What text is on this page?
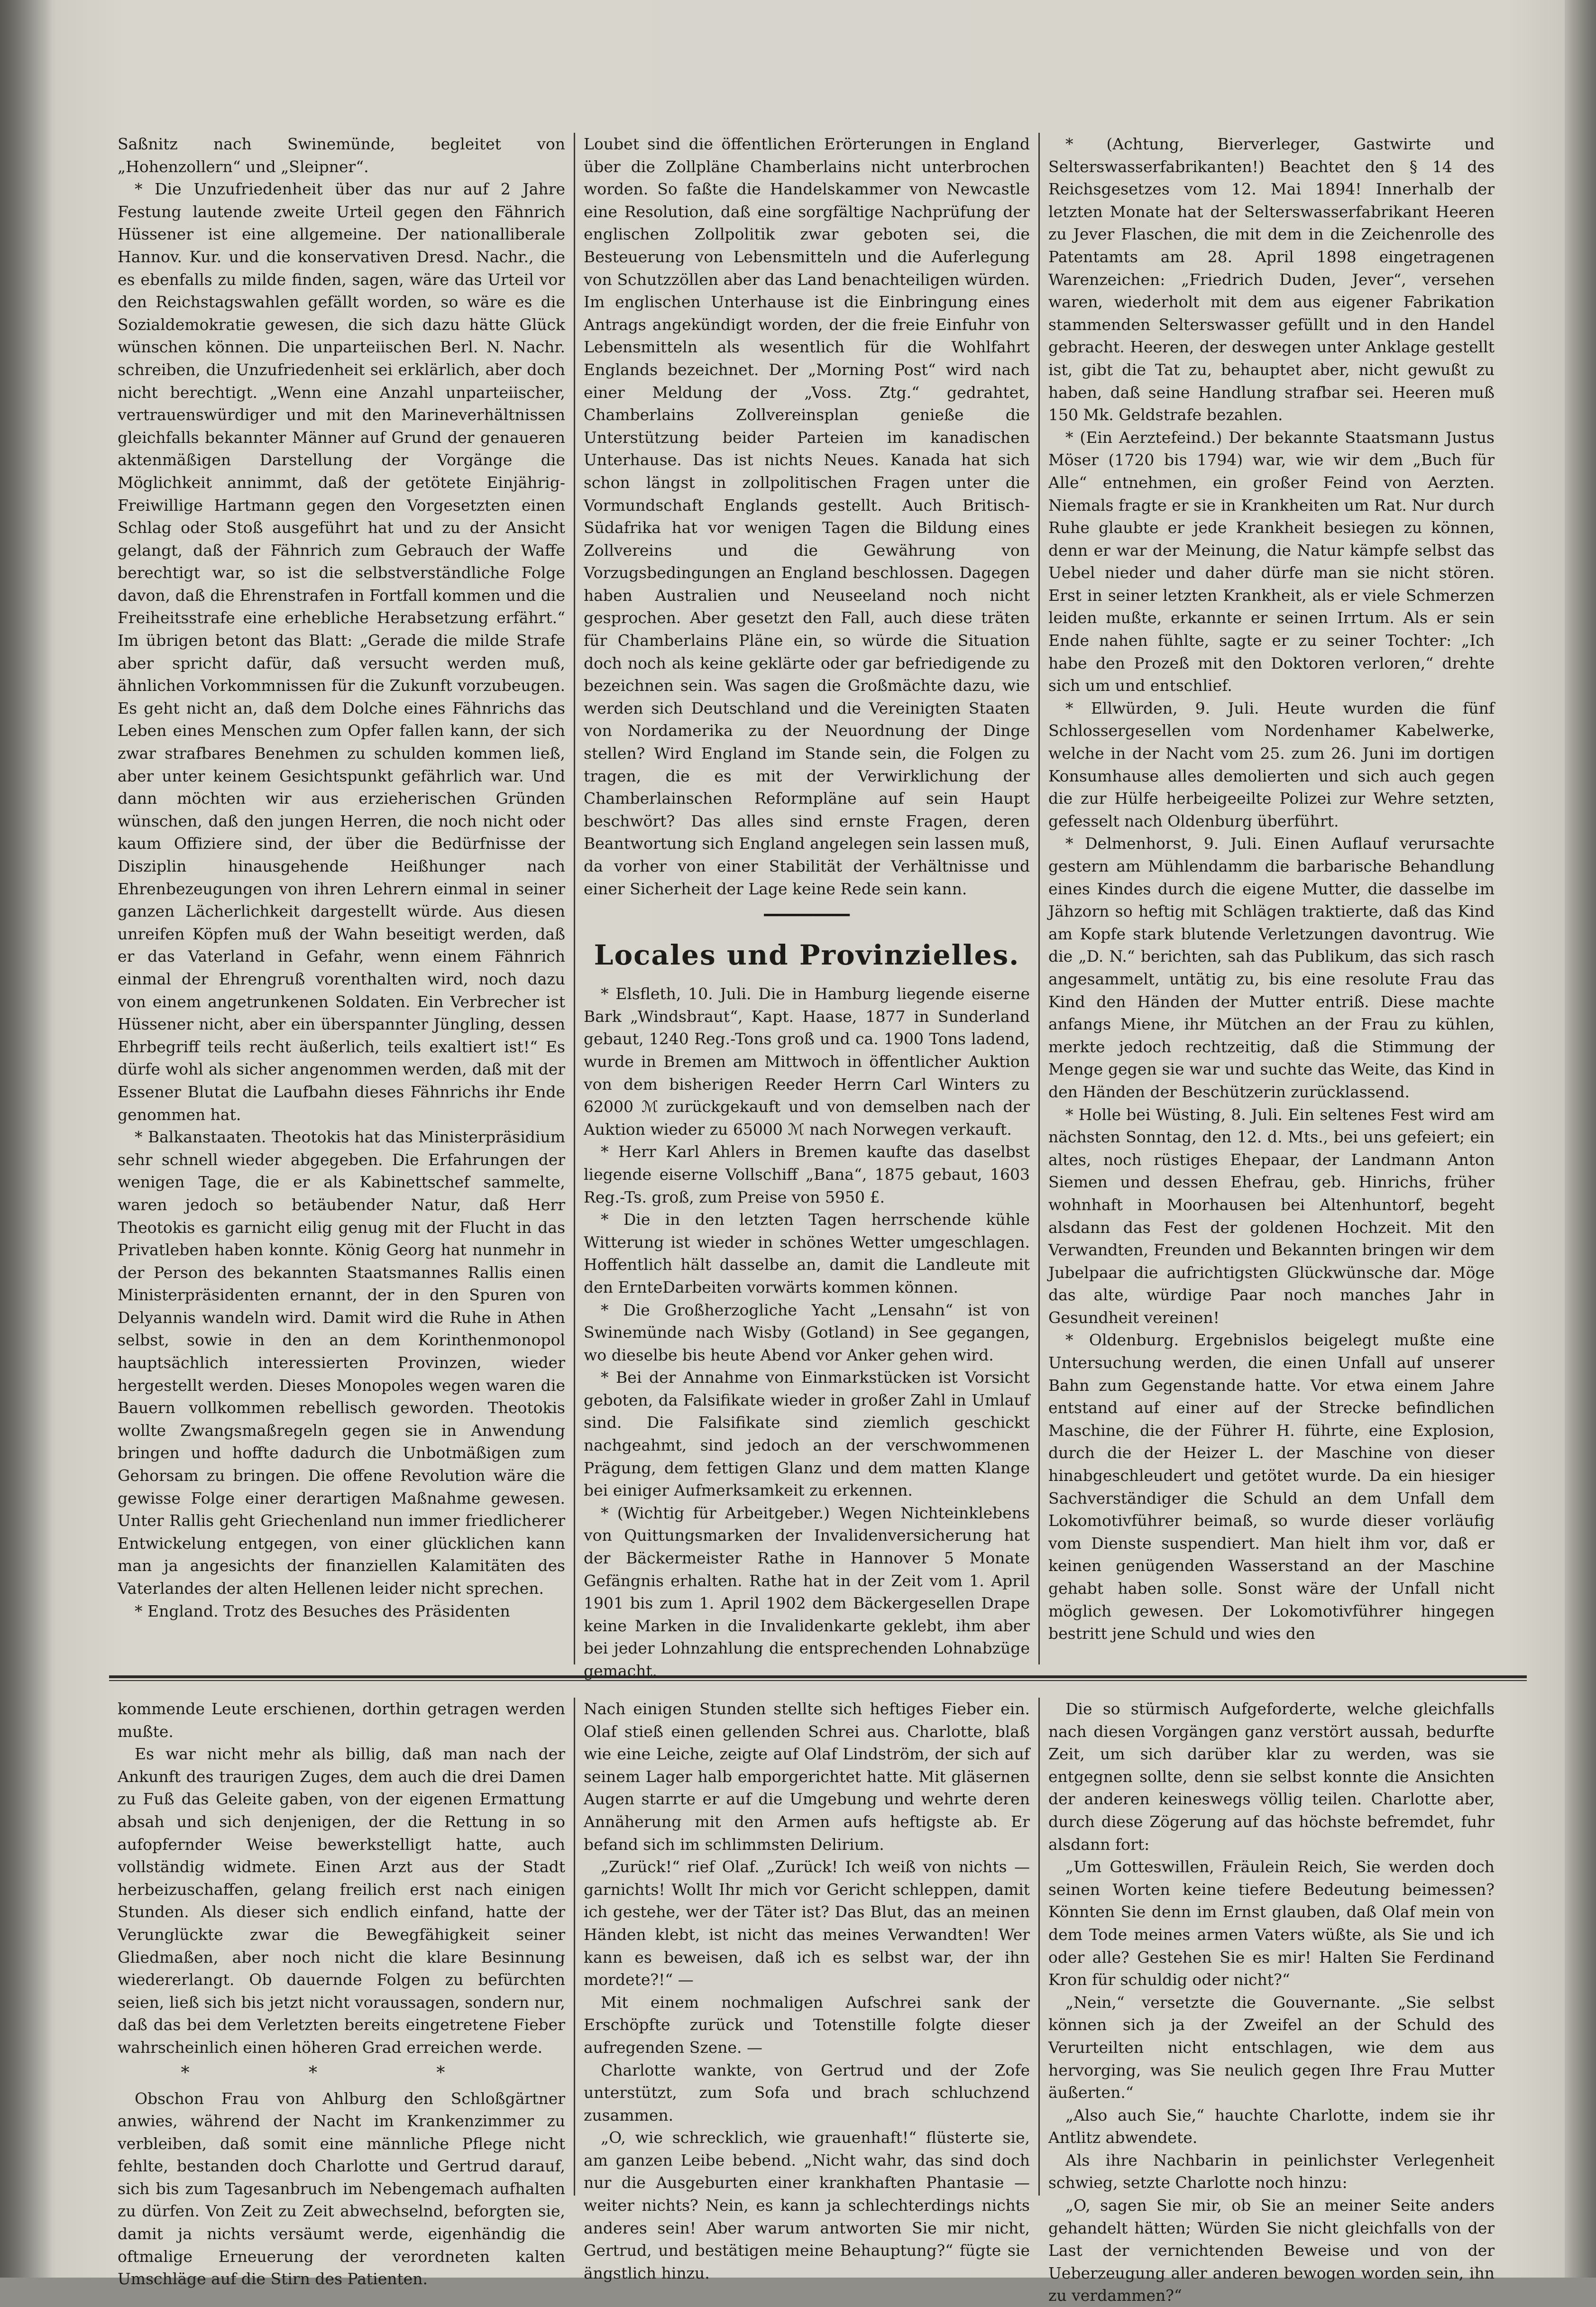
Saßnitz nach Swinemünde, begleitet von „Hohenzollern“ und „Sleipner“.

* Die Unzufriedenheit über das nur auf 2 Jahre Festung lautende zweite Urteil gegen den Fähnrich Hüssener ist eine allgemeine. Der nationalliberale Hannov. Kur. und die konservativen Dresd. Nachr., die es ebenfalls zu milde finden, sagen, wäre das Urteil vor den Reichstagswahlen gefällt worden, so wäre es die Sozialdemokratie gewesen, die sich dazu hätte Glück wünschen können. Die unparteiischen Berl. N. Nachr. schreiben, die Unzufriedenheit sei erklärlich, aber doch nicht berechtigt. „Wenn eine Anzahl unparteiischer, vertrauenswürdiger und mit den Marineverhältnissen gleichfalls bekannter Männer auf Grund der genaueren aktenmäßigen Darstellung der Vorgänge die Möglichkeit annimmt, daß der getötete Einjährig-Freiwillige Hartmann gegen den Vorgesetzten einen Schlag oder Stoß ausgeführt hat und zu der Ansicht gelangt, daß der Fähnrich zum Gebrauch der Waffe berechtigt war, so ist die selbstverständliche Folge davon, daß die Ehrenstrafen in Fortfall kommen und die Freiheitsstrafe eine erhebliche Herabsetzung erfährt.“ Im übrigen betont das Blatt: „Gerade die milde Strafe aber spricht dafür, daß versucht werden muß, ähnlichen Vorkommnissen für die Zukunft vorzubeugen. Es geht nicht an, daß dem Dolche eines Fähnrichs das Leben eines Menschen zum Opfer fallen kann, der sich zwar strafbares Benehmen zu schulden kommen ließ, aber unter keinem Gesichtspunkt gefährlich war. Und dann möchten wir aus erzieherischen Gründen wünschen, daß den jungen Herren, die noch nicht oder kaum Offiziere sind, der über die Bedürfnisse der Disziplin hinausgehende Heißhunger nach Ehrenbezeugungen von ihren Lehrern einmal in seiner ganzen Lächerlichkeit dargestellt würde. Aus diesen unreifen Köpfen muß der Wahn beseitigt werden, daß er das Vaterland in Gefahr, wenn einem Fähnrich einmal der Ehrengruß vorenthalten wird, noch dazu von einem angetrunkenen Soldaten. Ein Verbrecher ist Hüssener nicht, aber ein überspannter Jüngling, dessen Ehrbegriff teils recht äußerlich, teils exaltiert ist!“ Es dürfe wohl als sicher angenommen werden, daß mit der Essener Blutat die Laufbahn dieses Fähnrichs ihr Ende genommen hat.

* Balkanstaaten. Theotokis hat das Ministerpräsidium sehr schnell wieder abgegeben. Die Erfahrungen der wenigen Tage, die er als Kabinettschef sammelte, waren jedoch so betäubender Natur, daß Herr Theotokis es garnicht eilig genug mit der Flucht in das Privatleben haben konnte. König Georg hat nunmehr in der Person des bekannten Staatsmannes Rallis einen Ministerpräsidenten ernannt, der in den Spuren von Delyannis wandeln wird. Damit wird die Ruhe in Athen selbst, sowie in den an dem Korinthenmonopol hauptsächlich interessierten Provinzen, wieder hergestellt werden. Dieses Monopoles wegen waren die Bauern vollkommen rebellisch geworden. Theotokis wollte Zwangsmaßregeln gegen sie in Anwendung bringen und hoffte dadurch die Unbotmäßigen zum Gehorsam zu bringen. Die offene Revolution wäre die gewisse Folge einer derartigen Maßnahme gewesen. Unter Rallis geht Griechenland nun immer friedlicherer Entwickelung entgegen, von einer glücklichen kann man ja angesichts der finanziellen Kalamitäten des Vaterlandes der alten Hellenen leider nicht sprechen.

* England. Trotz des Besuches des Präsidenten

Loubet sind die öffentlichen Erörterungen in England über die Zollpläne Chamberlains nicht unterbrochen worden. So faßte die Handelskammer von Newcastle eine Resolution, daß eine sorgfältige Nachprüfung der englischen Zollpolitik zwar geboten sei, die Besteuerung von Lebensmitteln und die Auferlegung von Schutzzöllen aber das Land benachteiligen würden. Im englischen Unterhause ist die Einbringung eines Antrags angekündigt worden, der die freie Einfuhr von Lebensmitteln als wesentlich für die Wohlfahrt Englands bezeichnet. Der „Morning Post“ wird nach einer Meldung der „Voss. Ztg.“ gedrahtet, Chamberlains Zollvereinsplan genieße die Unterstützung beider Parteien im kanadischen Unterhause. Das ist nichts Neues. Kanada hat sich schon längst in zollpolitischen Fragen unter die Vormundschaft Englands gestellt. Auch Britisch-Südafrika hat vor wenigen Tagen die Bildung eines Zollvereins und die Gewährung von Vorzugsbedingungen an England beschlossen. Dagegen haben Australien und Neuseeland noch nicht gesprochen. Aber gesetzt den Fall, auch diese träten für Chamberlains Pläne ein, so würde die Situation doch noch als keine geklärte oder gar befriedigende zu bezeichnen sein. Was sagen die Großmächte dazu, wie werden sich Deutschland und die Vereinigten Staaten von Nordamerika zu der Neuordnung der Dinge stellen? Wird England im Stande sein, die Folgen zu tragen, die es mit der Verwirklichung der Chamberlainschen Reformpläne auf sein Haupt beschwört? Das alles sind ernste Fragen, deren Beantwortung sich England angelegen sein lassen muß, da vorher von einer Stabilität der Verhältnisse und einer Sicherheit der Lage keine Rede sein kann.

━━━━━━━━━━
Locales und Provinzielles.

* Elsfleth, 10. Juli. Die in Hamburg liegende eiserne Bark „Windsbraut“, Kapt. Haase, 1877 in Sunderland gebaut, 1240 Reg.-Tons groß und ca. 1900 Tons ladend, wurde in Bremen am Mittwoch in öffentlicher Auktion von dem bisherigen Reeder Herrn Carl Winters zu 62000 ℳ zurückgekauft und von demselben nach der Auktion wieder zu 65000 ℳ nach Norwegen verkauft.

* Herr Karl Ahlers in Bremen kaufte das daselbst liegende eiserne Vollschiff „Bana“, 1875 gebaut, 1603 Reg.-Ts. groß, zum Preise von 5950 £.

* Die in den letzten Tagen herrschende kühle Witterung ist wieder in schönes Wetter umgeschlagen. Hoffentlich hält dasselbe an, damit die Landleute mit den ErnteDarbeiten vorwärts kommen können.

* Die Großherzogliche Yacht „Lensahn“ ist von Swinemünde nach Wisby (Gotland) in See gegangen, wo dieselbe bis heute Abend vor Anker gehen wird.

* Bei der Annahme von Einmarkstücken ist Vorsicht geboten, da Falsifikate wieder in großer Zahl in Umlauf sind. Die Falsifikate sind ziemlich geschickt nachgeahmt, sind jedoch an der verschwommenen Prägung, dem fettigen Glanz und dem matten Klange bei einiger Aufmerksamkeit zu erkennen.

* (Wichtig für Arbeitgeber.) Wegen Nichteinklebens von Quittungsmarken der Invalidenversicherung hat der Bäckermeister Rathe in Hannover 5 Monate Gefängnis erhalten. Rathe hat in der Zeit vom 1. April 1901 bis zum 1. April 1902 dem Bäckergesellen Drape keine Marken in die Invalidenkarte geklebt, ihm aber bei jeder Lohnzahlung die entsprechenden Lohnabzüge gemacht.

* (Achtung, Bierverleger, Gastwirte und Selterswasserfabrikanten!) Beachtet den § 14 des Reichsgesetzes vom 12. Mai 1894! Innerhalb der letzten Monate hat der Selterswasserfabrikant Heeren zu Jever Flaschen, die mit dem in die Zeichenrolle des Patentamts am 28. April 1898 eingetragenen Warenzeichen: „Friedrich Duden, Jever“, versehen waren, wiederholt mit dem aus eigener Fabrikation stammenden Selterswasser gefüllt und in den Handel gebracht. Heeren, der deswegen unter Anklage gestellt ist, gibt die Tat zu, behauptet aber, nicht gewußt zu haben, daß seine Handlung strafbar sei. Heeren muß 150 Mk. Geldstrafe bezahlen.

* (Ein Aerztefeind.) Der bekannte Staatsmann Justus Möser (1720 bis 1794) war, wie wir dem „Buch für Alle“ entnehmen, ein großer Feind von Aerzten. Niemals fragte er sie in Krankheiten um Rat. Nur durch Ruhe glaubte er jede Krankheit besiegen zu können, denn er war der Meinung, die Natur kämpfe selbst das Uebel nieder und daher dürfe man sie nicht stören. Erst in seiner letzten Krankheit, als er viele Schmerzen leiden mußte, erkannte er seinen Irrtum. Als er sein Ende nahen fühlte, sagte er zu seiner Tochter: „Ich habe den Prozeß mit den Doktoren verloren,“ drehte sich um und entschlief.

* Ellwürden, 9. Juli. Heute wurden die fünf Schlossergesellen vom Nordenhamer Kabelwerke, welche in der Nacht vom 25. zum 26. Juni im dortigen Konsumhause alles demolierten und sich auch gegen die zur Hülfe herbeigeeilte Polizei zur Wehre setzten, gefesselt nach Oldenburg überführt.

* Delmenhorst, 9. Juli. Einen Auflauf verursachte gestern am Mühlendamm die barbarische Behandlung eines Kindes durch die eigene Mutter, die dasselbe im Jähzorn so heftig mit Schlägen traktierte, daß das Kind am Kopfe stark blutende Verletzungen davontrug. Wie die „D. N.“ berichten, sah das Publikum, das sich rasch angesammelt, untätig zu, bis eine resolute Frau das Kind den Händen der Mutter entriß. Diese machte anfangs Miene, ihr Mütchen an der Frau zu kühlen, merkte jedoch rechtzeitig, daß die Stimmung der Menge gegen sie war und suchte das Weite, das Kind in den Händen der Beschützerin zurücklassend.

* Holle bei Wüsting, 8. Juli. Ein seltenes Fest wird am nächsten Sonntag, den 12. d. Mts., bei uns gefeiert; ein altes, noch rüstiges Ehepaar, der Landmann Anton Siemen und dessen Ehefrau, geb. Hinrichs, früher wohnhaft in Moorhausen bei Altenhuntorf, begeht alsdann das Fest der goldenen Hochzeit. Mit den Verwandten, Freunden und Bekannten bringen wir dem Jubelpaar die aufrichtigsten Glückwünsche dar. Möge das alte, würdige Paar noch manches Jahr in Gesundheit vereinen!

* Oldenburg. Ergebnislos beigelegt mußte eine Untersuchung werden, die einen Unfall auf unserer Bahn zum Gegenstande hatte. Vor etwa einem Jahre entstand auf einer auf der Strecke befindlichen Maschine, die der Führer H. führte, eine Explosion, durch die der Heizer L. der Maschine von dieser hinabgeschleudert und getötet wurde. Da ein hiesiger Sachverständiger die Schuld an dem Unfall dem Lokomotivführer beimaß, so wurde dieser vorläufig vom Dienste suspendiert. Man hielt ihm vor, daß er keinen genügenden Wasserstand an der Maschine gehabt haben solle. Sonst wäre der Unfall nicht möglich gewesen. Der Lokomotivführer hingegen bestritt jene Schuld und wies den

kommende Leute erschienen, dorthin getragen werden mußte.

Es war nicht mehr als billig, daß man nach der Ankunft des traurigen Zuges, dem auch die drei Damen zu Fuß das Geleite gaben, von der eigenen Ermattung absah und sich denjenigen, der die Rettung in so aufopfernder Weise bewerkstelligt hatte, auch vollständig widmete. Einen Arzt aus der Stadt herbeizuschaffen, gelang freilich erst nach einigen Stunden. Als dieser sich endlich einfand, hatte der Verunglückte zwar die Bewegfähigkeit seiner Gliedmaßen, aber noch nicht die klare Besinnung wiedererlangt. Ob dauernde Folgen zu befürchten seien, ließ sich bis jetzt nicht voraussagen, sondern nur, daß das bei dem Verletzten bereits eingetretene Fieber wahrscheinlich einen höheren Grad erreichen werde.

* * *

Obschon Frau von Ahlburg den Schloßgärtner anwies, während der Nacht im Krankenzimmer zu verbleiben, daß somit eine männliche Pflege nicht fehlte, bestanden doch Charlotte und Gertrud darauf, sich bis zum Tagesanbruch im Nebengemach aufhalten zu dürfen. Von Zeit zu Zeit abwechselnd, beforgten sie, damit ja nichts versäumt werde, eigenhändig die oftmalige Erneuerung der verordneten kalten Umschläge auf die Stirn des Patienten.

Nach einigen Stunden stellte sich heftiges Fieber ein. Olaf stieß einen gellenden Schrei aus. Charlotte, blaß wie eine Leiche, zeigte auf Olaf Lindström, der sich auf seinem Lager halb emporgerichtet hatte. Mit gläsernen Augen starrte er auf die Umgebung und wehrte deren Annäherung mit den Armen aufs heftigste ab. Er befand sich im schlimmsten Delirium.

„Zurück!“ rief Olaf. „Zurück! Ich weiß von nichts — garnichts! Wollt Ihr mich vor Gericht schleppen, damit ich gestehe, wer der Täter ist? Das Blut, das an meinen Händen klebt, ist nicht das meines Verwandten! Wer kann es beweisen, daß ich es selbst war, der ihn mordete?!“ —

Mit einem nochmaligen Aufschrei sank der Erschöpfte zurück und Totenstille folgte dieser aufregenden Szene. —

Charlotte wankte, von Gertrud und der Zofe unterstützt, zum Sofa und brach schluchzend zusammen.

„O, wie schrecklich, wie grauenhaft!“ flüsterte sie, am ganzen Leibe bebend. „Nicht wahr, das sind doch nur die Ausgeburten einer krankhaften Phantasie — weiter nichts? Nein, es kann ja schlechterdings nichts anderes sein! Aber warum antworten Sie mir nicht, Gertrud, und bestätigen meine Behauptung?“ fügte sie ängstlich hinzu.

Die so stürmisch Aufgeforderte, welche gleichfalls nach diesen Vorgängen ganz verstört aussah, bedurfte Zeit, um sich darüber klar zu werden, was sie entgegnen sollte, denn sie selbst konnte die Ansichten der anderen keineswegs völlig teilen. Charlotte aber, durch diese Zögerung auf das höchste befremdet, fuhr alsdann fort:

„Um Gotteswillen, Fräulein Reich, Sie werden doch seinen Worten keine tiefere Bedeutung beimessen? Könnten Sie denn im Ernst glauben, daß Olaf mein von dem Tode meines armen Vaters wüßte, als Sie und ich oder alle? Gestehen Sie es mir! Halten Sie Ferdinand Kron für schuldig oder nicht?“

„Nein,“ versetzte die Gouvernante. „Sie selbst können sich ja der Zweifel an der Schuld des Verurteilten nicht entschlagen, wie dem aus hervorging, was Sie neulich gegen Ihre Frau Mutter äußerten.“

„Also auch Sie,“ hauchte Charlotte, indem sie ihr Antlitz abwendete.

Als ihre Nachbarin in peinlichster Verlegenheit schwieg, setzte Charlotte noch hinzu:

„O, sagen Sie mir, ob Sie an meiner Seite anders gehandelt hätten; Würden Sie nicht gleichfalls von der Last der vernichtenden Beweise und von der Ueberzeugung aller anderen bewogen worden sein, ihn zu verdammen?“
